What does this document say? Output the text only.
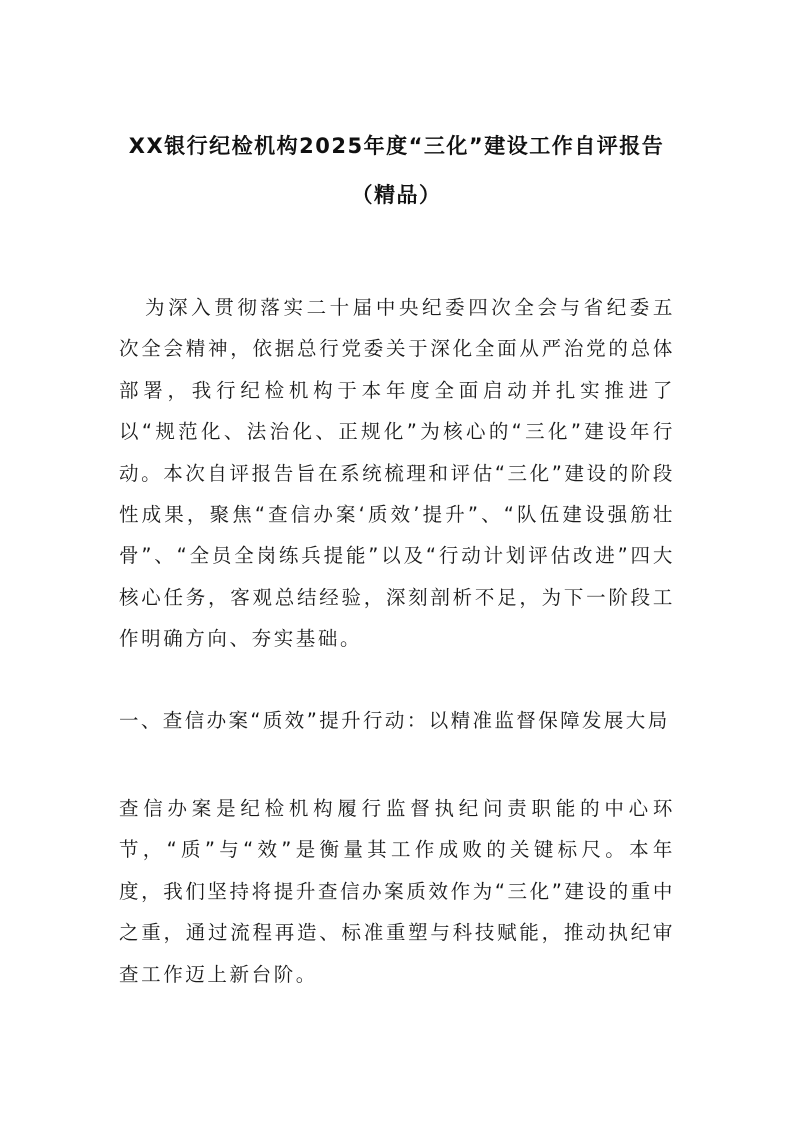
XX银行纪检机构2025年度“三化”建设工作自评报告（精品）

为深入贯彻落实二十届中央纪委四次全会与省纪委五次全会精神，依据总行党委关于深化全面从严治党的总体部署，我行纪检机构于本年度全面启动并扎实推进了以“规范化、法治化、正规化”为核心的“三化”建设年行动。本次自评报告旨在系统梳理和评估“三化”建设的阶段性成果，聚焦“查信办案‘质效’提升”、“队伍建设强筋壮骨”、“全员全岗练兵提能”以及“行动计划评估改进”四大核心任务，客观总结经验，深刻剖析不足，为下一阶段工作明确方向、夯实基础。

一、查信办案“质效”提升行动：以精准监督保障发展大局

查信办案是纪检机构履行监督执纪问责职能的中心环节，“质”与“效”是衡量其工作成败的关键标尺。本年度，我们坚持将提升查信办案质效作为“三化”建设的重中之重，通过流程再造、标准重塑与科技赋能，推动执纪审查工作迈上新台阶。
